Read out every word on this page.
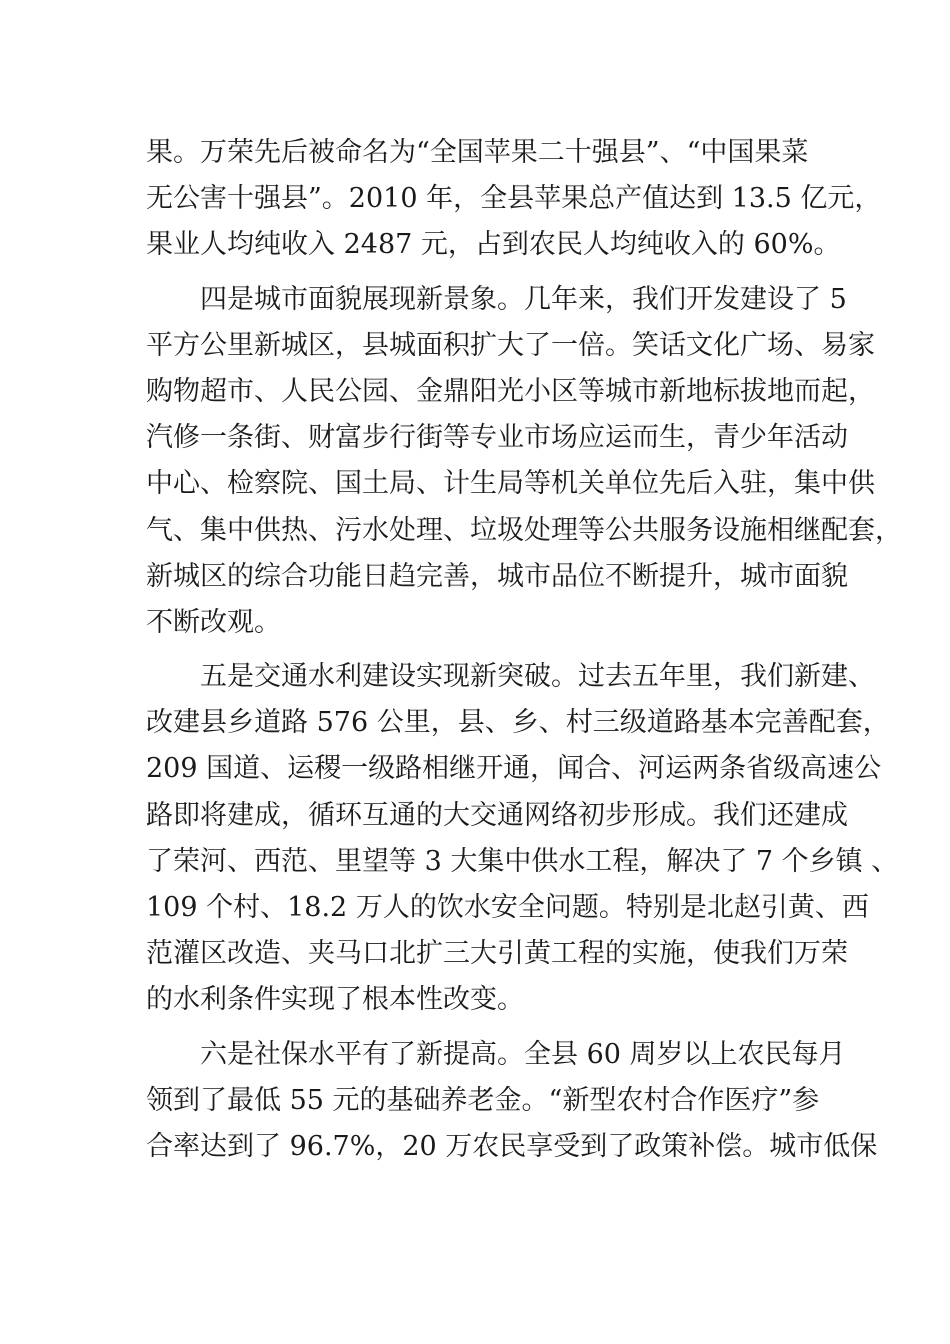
果。万荣先后被命名为“全国苹果二十强县”、“中国果菜
无公害十强县”。2010 年，全县苹果总产值达到 13.5 亿元，
果业人均纯收入 2487 元，占到农民人均纯收入的 60%。
四是城市面貌展现新景象。几年来，我们开发建设了 5
平方公里新城区，县城面积扩大了一倍。笑话文化广场、易家
购物超市、人民公园、金鼎阳光小区等城市新地标拔地而起，
汽修一条街、财富步行街等专业市场应运而生，青少年活动
中心、检察院、国土局、计生局等机关单位先后入驻，集中供
气、集中供热、污水处理、垃圾处理等公共服务设施相继配套，
新城区的综合功能日趋完善，城市品位不断提升，城市面貌
不断改观。
五是交通水利建设实现新突破。过去五年里，我们新建、
改建县乡道路 576 公里，县、乡、村三级道路基本完善配套，
209 国道、运稷一级路相继开通，闻合、河运两条省级高速公
路即将建成，循环互通的大交通网络初步形成。我们还建成
了荣河、西范、里望等 3 大集中供水工程，解决了 7 个乡镇 、
109 个村、18.2 万人的饮水安全问题。特别是北赵引黄、西
范灌区改造、夹马口北扩三大引黄工程的实施，使我们万荣
的水利条件实现了根本性改变。
六是社保水平有了新提高。全县 60 周岁以上农民每月
领到了最低 55 元的基础养老金。“新型农村合作医疗”参
合率达到了 96.7%，20 万农民享受到了政策补偿。城市低保
